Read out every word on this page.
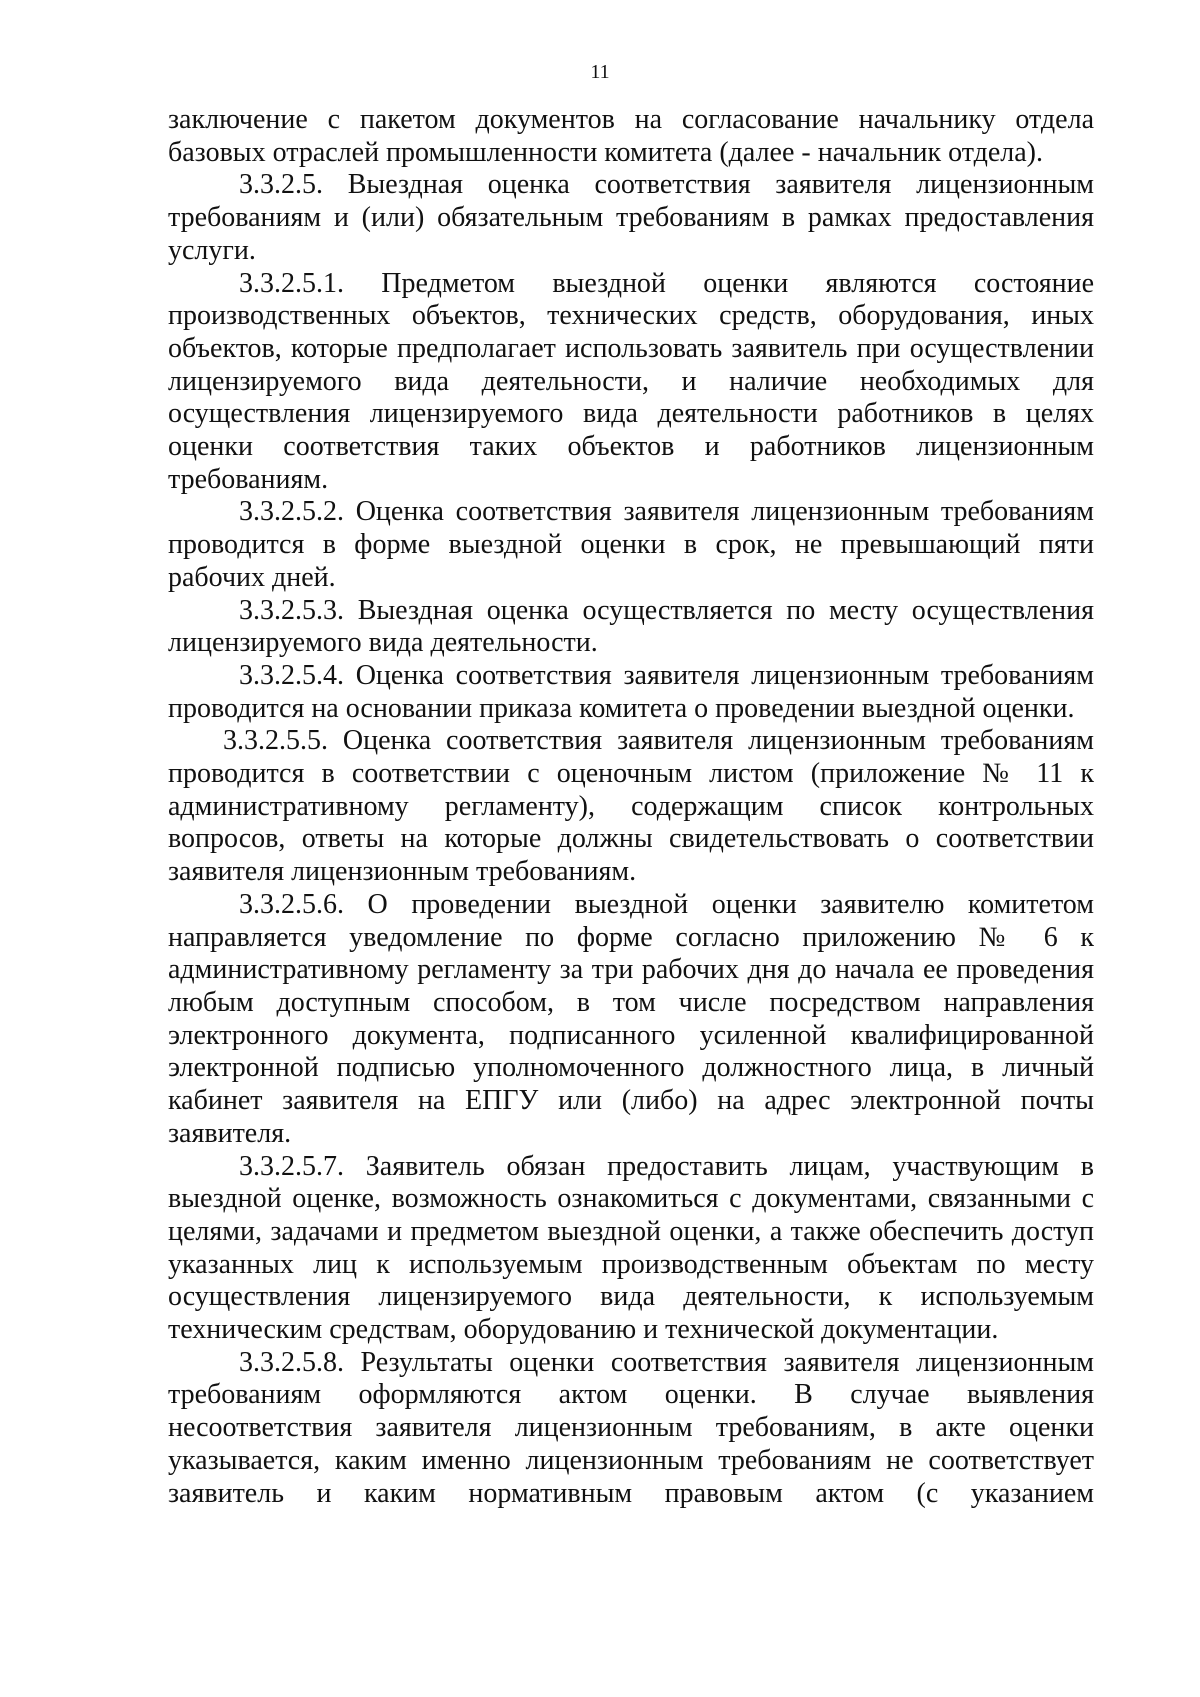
11

заключение с пакетом документов на согласование начальнику отдела базовых отраслей промышленности комитета (далее - начальник отдела).

3.3.2.5. Выездная оценка соответствия заявителя лицензионным требованиям и (или) обязательным требованиям в рамках предоставления услуги.

3.3.2.5.1. Предметом выездной оценки являются состояние производственных объектов, технических средств, оборудования, иных объектов, которые предполагает использовать заявитель при осуществлении лицензируемого вида деятельности, и наличие необходимых для осуществления лицензируемого вида деятельности работников в целях оценки соответствия таких объектов и работников лицензионным требованиям.

3.3.2.5.2. Оценка соответствия заявителя лицензионным требованиям проводится в форме выездной оценки в срок, не превышающий пяти рабочих дней.

3.3.2.5.3. Выездная оценка осуществляется по месту осуществления лицензируемого вида деятельности.

3.3.2.5.4. Оценка соответствия заявителя лицензионным требованиям проводится на основании приказа комитета о проведении выездной оценки.

3.3.2.5.5. Оценка соответствия заявителя лицензионным требованиям проводится в соответствии с оценочным листом (приложение № 11 к административному регламенту), содержащим список контрольных вопросов, ответы на которые должны свидетельствовать о соответствии заявителя лицензионным требованиям.

3.3.2.5.6. О проведении выездной оценки заявителю комитетом направляется уведомление по форме согласно приложению № 6 к административному регламенту за три рабочих дня до начала ее проведения любым доступным способом, в том числе посредством направления электронного документа, подписанного усиленной квалифицированной электронной подписью уполномоченного должностного лица, в личный кабинет заявителя на ЕПГУ или (либо) на адрес электронной почты заявителя.

3.3.2.5.7. Заявитель обязан предоставить лицам, участвующим в выездной оценке, возможность ознакомиться с документами, связанными с целями, задачами и предметом выездной оценки, а также обеспечить доступ указанных лиц к используемым производственным объектам по месту осуществления лицензируемого вида деятельности, к используемым техническим средствам, оборудованию и технической документации.

3.3.2.5.8. Результаты оценки соответствия заявителя лицензионным требованиям оформляются актом оценки. В случае выявления несоответствия заявителя лицензионным требованиям, в акте оценки указывается, каким именно лицензионным требованиям не соответствует заявитель и каким нормативным правовым актом (с указанием
